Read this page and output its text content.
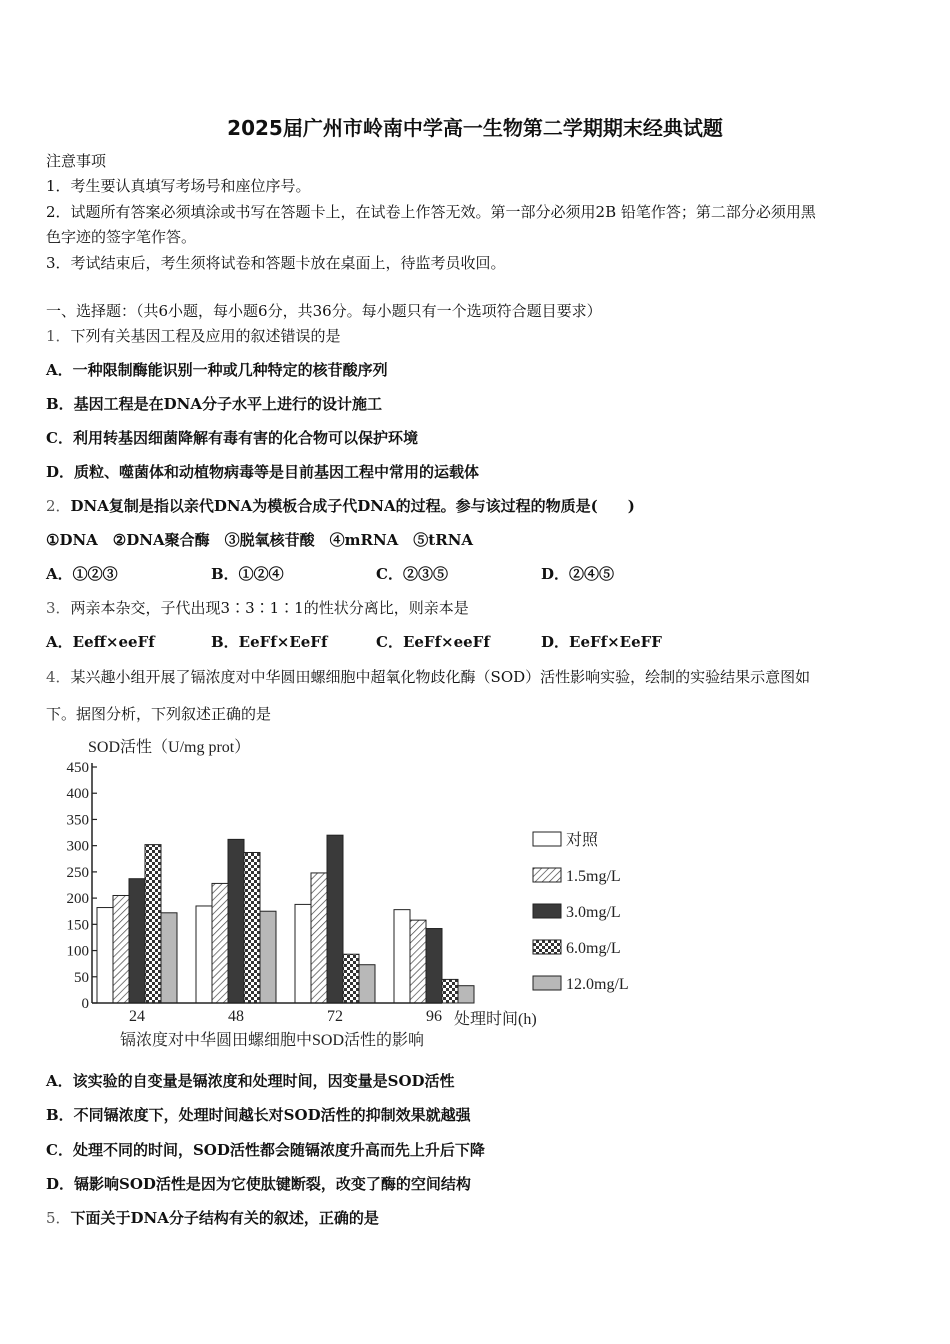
2025届广州市岭南中学高一生物第二学期期末经典试题
注意事项
1．考生要认真填写考场号和座位序号。
2．试题所有答案必须填涂或书写在答题卡上，在试卷上作答无效。第一部分必须用2B 铅笔作答；第二部分必须用黑
色字迹的签字笔作答。
3．考试结束后，考生须将试卷和答题卡放在桌面上，待监考员收回。
一、选择题：（共6小题，每小题6分，共36分。每小题只有一个选项符合题目要求）
1．下列有关基因工程及应用的叙述错误的是
A．一种限制酶能识别一种或几种特定的核苷酸序列
B．基因工程是在DNA分子水平上进行的设计施工
C．利用转基因细菌降解有毒有害的化合物可以保护环境
D．质粒、噬菌体和动植物病毒等是目前基因工程中常用的运载体
2．DNA复制是指以亲代DNA为模板合成子代DNA的过程。参与该过程的物质是(　　)
①DNA　②DNA聚合酶　③脱氧核苷酸　④mRNA　⑤tRNA
A．①②③	B．①②④	C．②③⑤	D．②④⑤
3．两亲本杂交，子代出现3∶3∶1∶1的性状分离比，则亲本是
A．Eeff×eeFf	B．EeFf×EeFf	C．EeFf×eeFf	D．EeFf×EeFF
4．某兴趣小组开展了镉浓度对中华圆田螺细胞中超氧化物歧化酶（SOD）活性影响实验，绘制的实验结果示意图如
下。据图分析，下列叙述正确的是
SOD活性（U/mg prot）
450
400
350
300
250
200
150
100
50
0
24	48	72	96 处理时间(h)
镉浓度对中华圆田螺细胞中SOD活性的影响
对照
1.5mg/L
3.0mg/L
6.0mg/L
12.0mg/L
A．该实验的自变量是镉浓度和处理时间，因变量是SOD活性
B．不同镉浓度下，处理时间越长对SOD活性的抑制效果就越强
C．处理不同的时间，SOD活性都会随镉浓度升高而先上升后下降
D．镉影响SOD活性是因为它使肽键断裂，改变了酶的空间结构
5．下面关于DNA分子结构有关的叙述，正确的是
